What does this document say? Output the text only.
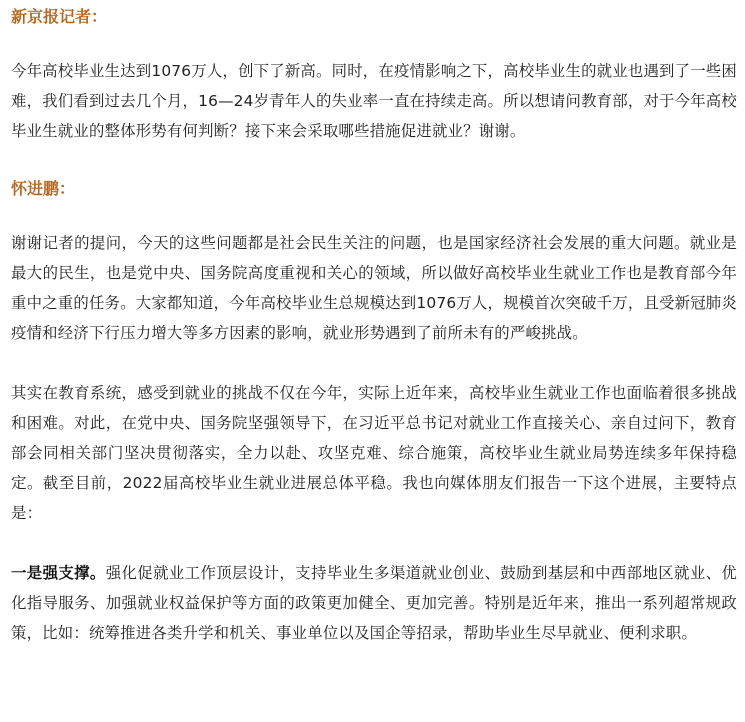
新京报记者：

今年高校毕业生达到1076万人，创下了新高。同时，在疫情影响之下，高校毕业生的就业也遇到了一些困难，我们看到过去几个月，16—24岁青年人的失业率一直在持续走高。所以想请问教育部，对于今年高校毕业生就业的整体形势有何判断？接下来会采取哪些措施促进就业？谢谢。

怀进鹏：

谢谢记者的提问，今天的这些问题都是社会民生关注的问题，也是国家经济社会发展的重大问题。就业是最大的民生，也是党中央、国务院高度重视和关心的领域，所以做好高校毕业生就业工作也是教育部今年重中之重的任务。大家都知道，今年高校毕业生总规模达到1076万人，规模首次突破千万，且受新冠肺炎疫情和经济下行压力增大等多方因素的影响，就业形势遇到了前所未有的严峻挑战。

其实在教育系统，感受到就业的挑战不仅在今年，实际上近年来，高校毕业生就业工作也面临着很多挑战和困难。对此，在党中央、国务院坚强领导下，在习近平总书记对就业工作直接关心、亲自过问下，教育部会同相关部门坚决贯彻落实，全力以赴、攻坚克难、综合施策，高校毕业生就业局势连续多年保持稳定。截至目前，2022届高校毕业生就业进展总体平稳。我也向媒体朋友们报告一下这个进展，主要特点是：

一是强支撑。强化促就业工作顶层设计，支持毕业生多渠道就业创业、鼓励到基层和中西部地区就业、优化指导服务、加强就业权益保护等方面的政策更加健全、更加完善。特别是近年来，推出一系列超常规政策，比如：统筹推进各类升学和机关、事业单位以及国企等招录，帮助毕业生尽早就业、便利求职。
